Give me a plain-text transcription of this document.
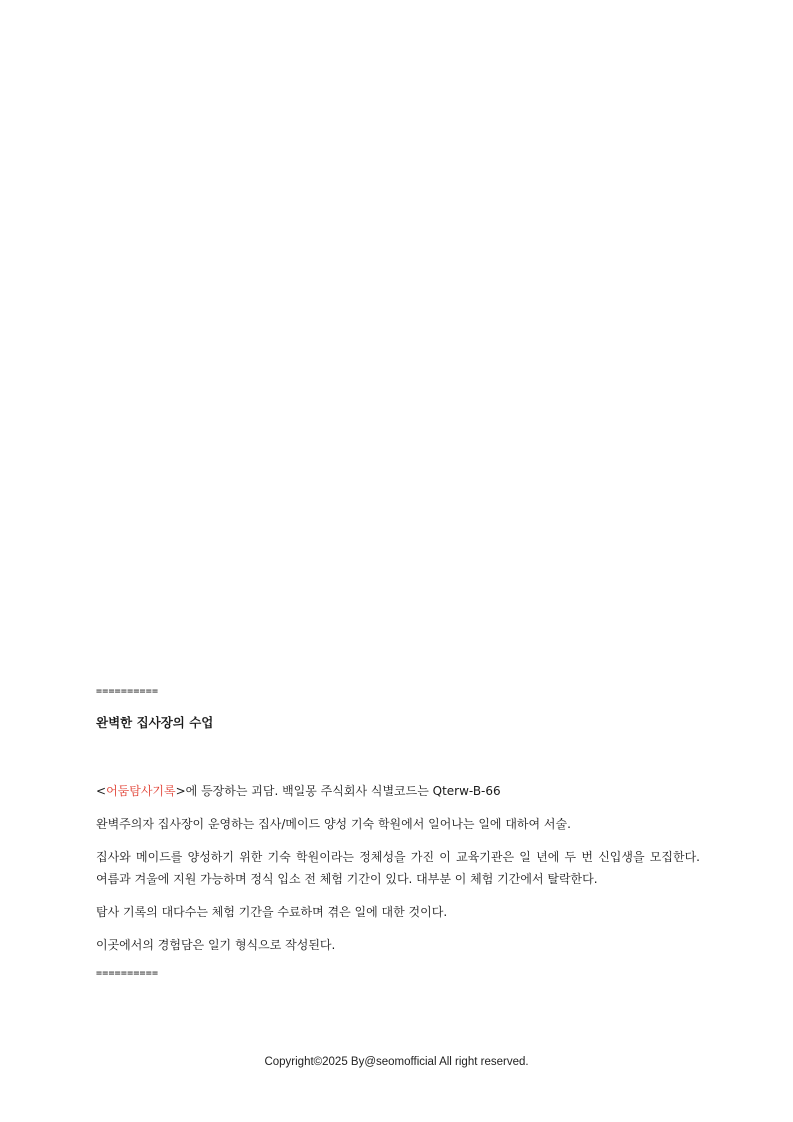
==========
완벽한 집사장의 수업
<어둠탐사기록>에 등장하는 괴담. 백일몽 주식회사 식별코드는 Qterw-B-66
완벽주의자 집사장이 운영하는 집사/메이드 양성 기숙 학원에서 일어나는 일에 대하여 서술.
집사와 메이드를 양성하기 위한 기숙 학원이라는 정체성을 가진 이 교육기관은 일 년에 두 번 신입생을 모집한다. 여름과 겨울에 지원 가능하며 정식 입소 전 체험 기간이 있다. 대부분 이 체험 기간에서 탈락한다.
탐사 기록의 대다수는 체험 기간을 수료하며 겪은 일에 대한 것이다.
이곳에서의 경험담은 일기 형식으로 작성된다.
==========
Copyright©2025 By@seomofficial All right reserved.
